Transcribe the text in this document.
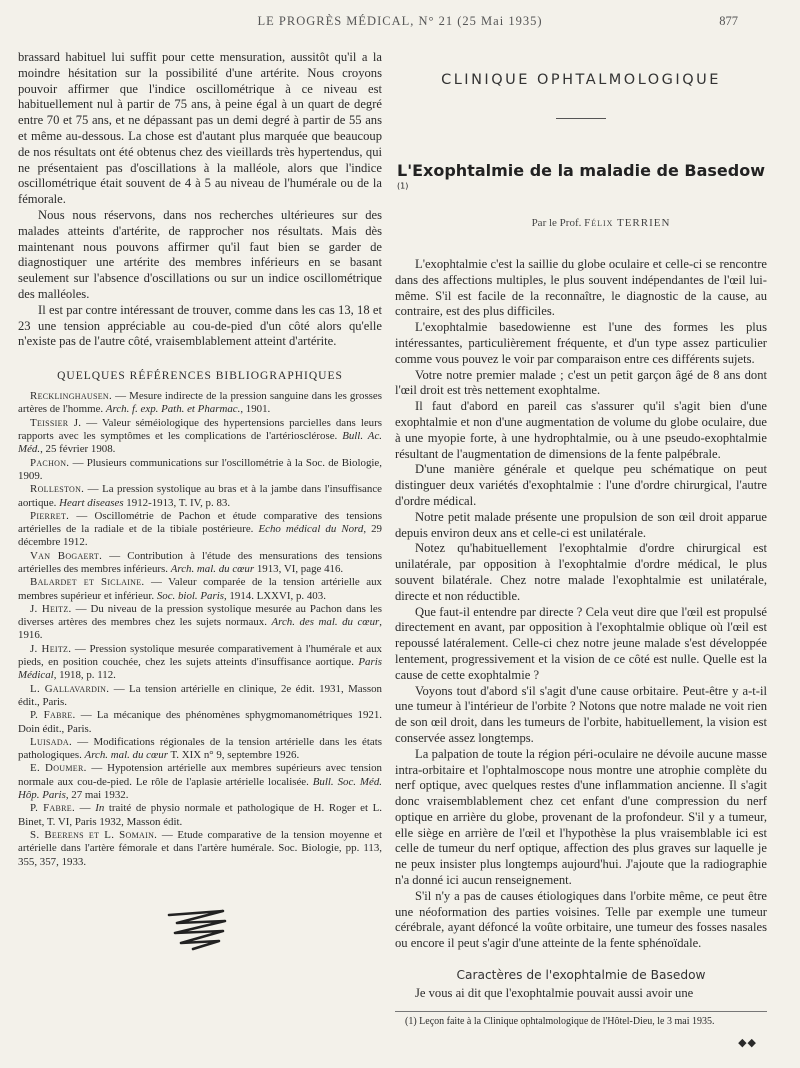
LE PROGRÈS MÉDICAL, N° 21 (25 Mai 1935)	877

brassard habituel lui suffit pour cette mensuration, aussitôt qu'il a la moindre hésitation sur la possibilité d'une artérite. Nous croyons pouvoir affirmer que l'indice oscillométrique à ce niveau est habituellement nul à partir de 75 ans, à peine égal à un quart de degré entre 70 et 75 ans, et ne dépassant pas un demi degré à partir de 55 ans et même au-dessous. La chose est d'autant plus marquée que beaucoup de nos résultats ont été obtenus chez des vieillards très hypertendus, qui ne présentaient pas d'oscillations à la malléole, alors que l'indice oscillométrique était souvent de 4 à 5 au niveau de l'humérale ou de la fémorale.

Nous nous réservons, dans nos recherches ultérieures sur des malades atteints d'artérite, de rapprocher nos résultats. Mais dès maintenant nous pouvons affirmer qu'il faut bien se garder de diagnostiquer une artérite des membres inférieurs en se basant seulement sur l'absence d'oscillations ou sur un indice oscillométrique des malléoles.

Il est par contre intéressant de trouver, comme dans les cas 13, 18 et 23 une tension appréciable au cou-de-pied d'un côté alors qu'elle n'existe pas de l'autre côté, vraisemblablement atteint d'artérite.

QUELQUES RÉFÉRENCES BIBLIOGRAPHIQUES

Recklinghausen. — Mesure indirecte de la pression sanguine dans les grosses artères de l'homme. Arch. f. exp. Path. et Pharmac., 1901.

Teissier J. — Valeur séméiologique des hypertensions parcielles dans leurs rapports avec les symptômes et les complications de l'artériosclérose. Bull. Ac. Méd., 25 février 1908.

Pachon. — Plusieurs communications sur l'oscillométrie à la Soc. de Biologie, 1909.

Rolleston. — La pression systolique au bras et à la jambe dans l'insuffisance aortique. Heart diseases 1912-1913, T. IV, p. 83.

Pierret. — Oscillométrie de Pachon et étude comparative des tensions artérielles de la radiale et de la tibiale postérieure. Echo médical du Nord, 29 décembre 1912.

Van Bogaert. — Contribution à l'étude des mensurations des tensions artérielles des membres inférieurs. Arch. mal. du cœur 1913, VI, page 416.

Balardet et Siclaine. — Valeur comparée de la tension artérielle aux membres supérieur et inférieur. Soc. biol. Paris, 1914. LXXVI, p. 403.

J. Heitz. — Du niveau de la pression systolique mesurée au Pachon dans les diverses artères des membres chez les sujets normaux. Arch. des mal. du cœur, 1916.

J. Heitz. — Pression systolique mesurée comparativement à l'humérale et aux pieds, en position couchée, chez les sujets atteints d'insuffisance aortique. Paris Médical, 1918, p. 112.

L. Gallavardin. — La tension artérielle en clinique, 2e édit. 1931, Masson édit., Paris.

P. Fabre. — La mécanique des phénomènes sphygmomanométriques 1921. Doin édit., Paris.

Luisada. — Modifications régionales de la tension artérielle dans les états pathologiques. Arch. mal. du cœur T. XIX n° 9, septembre 1926.

E. Doumer. — Hypotension artérielle aux membres supérieurs avec tension normale aux cou-de-pied. Le rôle de l'aplasie artérielle localisée. Bull. Soc. Méd. Hôp. Paris, 27 mai 1932.

P. Fabre. — In traité de physio normale et pathologique de H. Roger et L. Binet, T. VI, Paris 1932, Masson édit.

S. Beerens et L. Somain. — Etude comparative de la tension moyenne et artérielle dans l'artère fémorale et dans l'artère humérale. Soc. Biologie, pp. 113, 355, 357, 1933.

CLINIQUE OPHTALMOLOGIQUE
L'Exophtalmie de la maladie de Basedow $^{(1)}$
Par le Prof. Félix TERRIEN

L'exophtalmie c'est la saillie du globe oculaire et celle-ci se rencontre dans des affections multiples, le plus souvent indépendantes de l'œil lui-même. S'il est facile de la reconnaître, le diagnostic de la cause, au contraire, est des plus difficiles.

L'exophtalmie basedowienne est l'une des formes les plus intéressantes, particulièrement fréquente, et d'un type assez particulier comme vous pouvez le voir par comparaison entre ces différents sujets.

Votre notre premier malade ; c'est un petit garçon âgé de 8 ans dont l'œil droit est très nettement exophtalme.

Il faut d'abord en pareil cas s'assurer qu'il s'agit bien d'une exophtalmie et non d'une augmentation de volume du globe oculaire, due à une myopie forte, à une hydrophtalmie, ou à une pseudo-exophtalmie résultant de l'augmentation de dimensions de la fente palpébrale.

D'une manière générale et quelque peu schématique on peut distinguer deux variétés d'exophtalmie : l'une d'ordre chirurgical, l'autre d'ordre médical.

Notre petit malade présente une propulsion de son œil droit apparue depuis environ deux ans et celle-ci est unilatérale.

Notez qu'habituellement l'exophtalmie d'ordre chirurgical est unilatérale, par opposition à l'exophtalmie d'ordre médical, le plus souvent bilatérale. Chez notre malade l'exophtalmie est unilatérale, directe et non réductible.

Que faut-il entendre par directe ? Cela veut dire que l'œil est propulsé directement en avant, par opposition à l'exophtalmie oblique où l'œil est repoussé latéralement. Celle-ci chez notre jeune malade s'est développée lentement, progressivement et la vision de ce côté est nulle. Quelle est la cause de cette exophtalmie ?

Voyons tout d'abord s'il s'agit d'une cause orbitaire. Peut-être y a-t-il une tumeur à l'intérieur de l'orbite ? Notons que notre malade ne voit rien de son œil droit, dans les tumeurs de l'orbite, habituellement, la vision est conservée assez longtemps.

La palpation de toute la région péri-oculaire ne dévoile aucune masse intra-orbitaire et l'ophtalmoscope nous montre une atrophie complète du nerf optique, avec quelques restes d'une inflammation ancienne. Il s'agit donc vraisemblablement chez cet enfant d'une compression du nerf optique en arrière du globe, provenant de la profondeur. S'il y a tumeur, elle siège en arrière de l'œil et l'hypothèse la plus vraisemblable ici est celle de tumeur du nerf optique, affection des plus graves sur laquelle je ne peux insister plus longtemps aujourd'hui. J'ajoute que la radiographie n'a donné ici aucun renseignement.

S'il n'y a pas de causes étiologiques dans l'orbite même, ce peut être une néoformation des parties voisines. Telle par exemple une tumeur cérébrale, ayant défoncé la voûte orbitaire, une tumeur des fosses nasales ou encore il peut s'agir d'une atteinte de la fente sphénoïdale.

Caractères de l'exophtalmie de Basedow

Je vous ai dit que l'exophtalmie pouvait aussi avoir une

(1) Leçon faite à la Clinique ophtalmologique de l'Hôtel-Dieu, le 3 mai 1935.

◆◆
